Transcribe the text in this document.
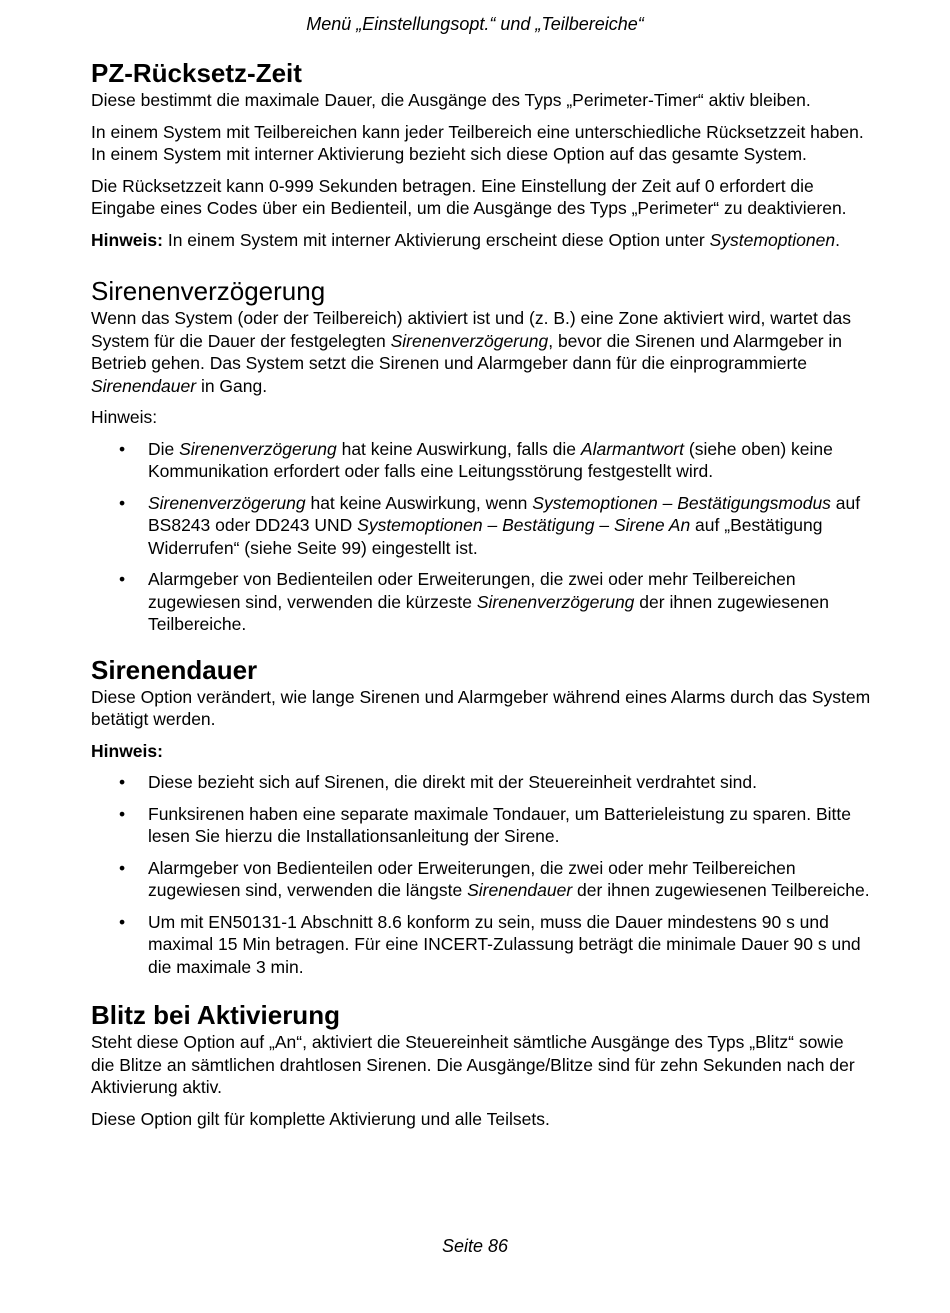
Menü „Einstellungsopt.“ und „Teilbereiche“
PZ-Rücksetz-Zeit

Diese bestimmt die maximale Dauer, die Ausgänge des Typs „Perimeter-Timer“ aktiv bleiben.

In einem System mit Teilbereichen kann jeder Teilbereich eine unterschiedliche Rücksetzzeit haben. In einem System mit interner Aktivierung bezieht sich diese Option auf das gesamte System.

Die Rücksetzzeit kann 0-999 Sekunden betragen. Eine Einstellung der Zeit auf 0 erfordert die Eingabe eines Codes über ein Bedienteil, um die Ausgänge des Typs „Perimeter“ zu deaktivieren.

Hinweis: In einem System mit interner Aktivierung erscheint diese Option unter Systemoptionen.

Sirenenverzögerung

Wenn das System (oder der Teilbereich) aktiviert ist und (z. B.) eine Zone aktiviert wird, wartet das System für die Dauer der festgelegten Sirenenverzögerung, bevor die Sirenen und Alarmgeber in Betrieb gehen. Das System setzt die Sirenen und Alarmgeber dann für die einprogrammierte Sirenendauer in Gang.

Hinweis:

• Die Sirenenverzögerung hat keine Auswirkung, falls die Alarmantwort (siehe oben) keine Kommunikation erfordert oder falls eine Leitungsstörung festgestellt wird.
• Sirenenverzögerung hat keine Auswirkung, wenn Systemoptionen – Bestätigungsmodus auf BS8243 oder DD243 UND Systemoptionen – Bestätigung – Sirene An auf „Bestätigung Widerrufen“ (siehe Seite 99) eingestellt ist.
• Alarmgeber von Bedienteilen oder Erweiterungen, die zwei oder mehr Teilbereichen zugewiesen sind, verwenden die kürzeste Sirenenverzögerung der ihnen zugewiesenen Teilbereiche.
Sirenendauer

Diese Option verändert, wie lange Sirenen und Alarmgeber während eines Alarms durch das System betätigt werden.

Hinweis:

• Diese bezieht sich auf Sirenen, die direkt mit der Steuereinheit verdrahtet sind.
• Funksirenen haben eine separate maximale Tondauer, um Batterieleistung zu sparen. Bitte lesen Sie hierzu die Installationsanleitung der Sirene.
• Alarmgeber von Bedienteilen oder Erweiterungen, die zwei oder mehr Teilbereichen zugewiesen sind, verwenden die längste Sirenendauer der ihnen zugewiesenen Teilbereiche.
• Um mit EN50131-1 Abschnitt 8.6 konform zu sein, muss die Dauer mindestens 90 s und maximal 15 Min betragen. Für eine INCERT-Zulassung beträgt die minimale Dauer 90 s und die maximale 3 min.
Blitz bei Aktivierung

Steht diese Option auf „An“, aktiviert die Steuereinheit sämtliche Ausgänge des Typs „Blitz“ sowie die Blitze an sämtlichen drahtlosen Sirenen. Die Ausgänge/Blitze sind für zehn Sekunden nach der Aktivierung aktiv.

Diese Option gilt für komplette Aktivierung und alle Teilsets.

Seite 86
